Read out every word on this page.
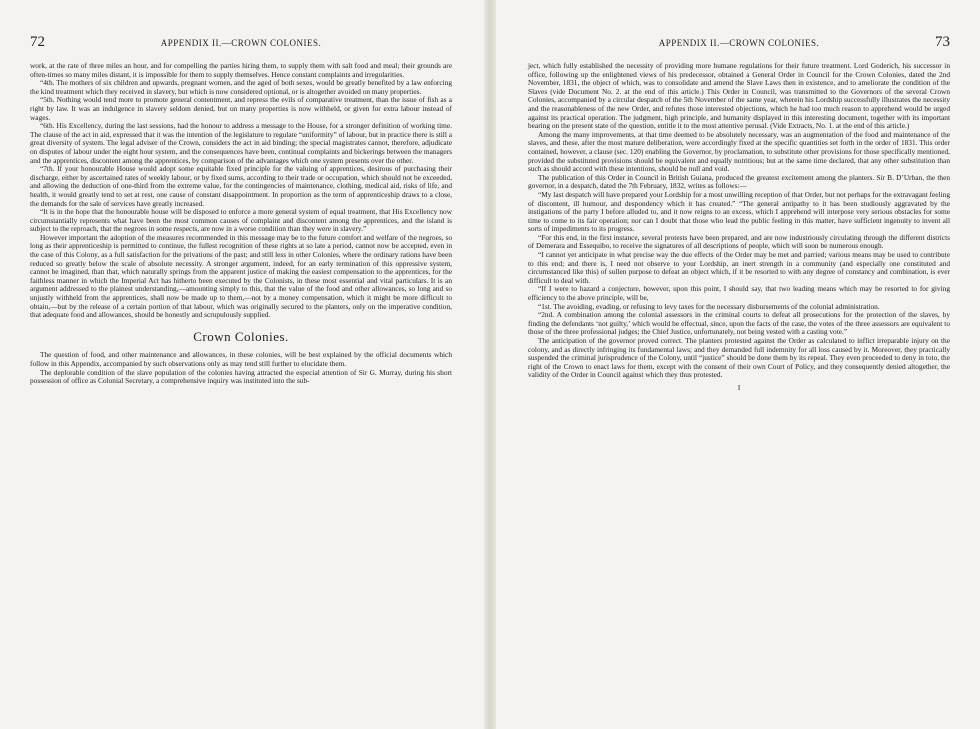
72	APPENDIX II.—CROWN COLONIES.

work, at the rate of three miles an hour, and for compelling the parties hiring them, to supply them with salt food and meal; their grounds are often-times so many miles distant, it is impossible for them to supply themselves. Hence constant complaints and irregularities.

“4th. The mothers of six children and upwards, pregnant women, and the aged of both sexes, would be greatly benefited by a law enforcing the kind treatment which they received in slavery, but which is now considered optional, or is altogether avoided on many properties.

“5th. Nothing would tend more to promote general contentment, and repress the evils of comparative treatment, than the issue of fish as a right by law. It was an indulgence in slavery seldom denied, but on many properties is now withheld, or given for extra labour instead of wages.

“6th. His Excellency, during the last sessions, had the honour to address a message to the House, for a stronger definition of working time. The clause of the act in aid, expressed that it was the intention of the legislature to regulate “uniformity” of labour, but in practice there is still a great diversity of system. The legal adviser of the Crown, considers the act in aid binding; the special magistrates cannot, therefore, adjudicate on disputes of labour under the eight hour system, and the consequences have been, continual complaints and bickerings between the managers and the apprentices, discontent among the apprentices, by comparison of the advantages which one system presents over the other.

“7th. If your honourable House would adopt some equitable fixed principle for the valuing of apprentices, desirous of purchasing their discharge, either by ascertained rates of weekly labour, or by fixed sums, according to their trade or occupation, which should not be exceeded, and allowing the deduction of one-third from the extreme value, for the contingencies of maintenance, clothing, medical aid, risks of life, and health, it would greatly tend to set at rest, one cause of constant disappointment. In proportion as the term of apprenticeship draws to a close, the demands for the sale of services have greatly increased.

“It is in the hope that the honourable house will be disposed to enforce a more general system of equal treatment, that His Excellency now circumstantially represents what have been the most common causes of complaint and discontent among the apprentices, and the island is subject to the reproach, that the negroes in some respects, are now in a worse condition than they were in slavery.”

However important the adoption of the measures recommended in this message may be to the future comfort and welfare of the negroes, so long as their apprenticeship is permitted to continue, the fullest recognition of these rights at so late a period, cannot now be accepted, even in the case of this Colony, as a full satisfaction for the privations of the past; and still less in other Colonies, where the ordinary rations have been reduced so greatly below the scale of absolute necessity. A stronger argument, indeed, for an early termination of this oppressive system, cannot be imagined, than that, which naturally springs from the apparent justice of making the easiest compensation to the apprentices, for the faithless manner in which the Imperial Act has hitherto been executed by the Colonists, in these most essential and vital particulars. It is an argument addressed to the plainest understanding,—amounting simply to this, that the value of the food and other allowances, so long and so unjustly withheld from the apprentices, shall now be made up to them,—not by a money compensation, which it might be more difficult to obtain,—but by the release of a certain portion of that labour, which was originally secured to the planters, only on the imperative condition, that adequate food and allowances, should be honestly and scrupulously supplied.

Crown Colonies.

The question of food, and other maintenance and allowances, in these colonies, will be best explained by the official documents which follow in this Appendix, accompanied by such observations only as may tend still further to elucidate them.

The deplorable condition of the slave population of the colonies having attracted the especial attention of Sir G. Murray, during his short possession of office as Colonial Secretary, a comprehensive inquiry was instituted into the sub-

APPENDIX II.—CROWN COLONIES.	73

ject, which fully established the necessity of providing more humane regulations for their future treatment. Lord Goderich, his successor in office, following up the enlightened views of his predecessor, obtained a General Order in Council for the Crown Colonies, dated the 2nd November, 1831, the object of which, was to consolidate and amend the Slave Laws then in existence, and to ameliorate the condition of the Slaves (vide Document No. 2. at the end of this article.) This Order in Council, was transmitted to the Governors of the several Crown Colonies, accompanied by a circular despatch of the 5th November of the same year, wherein his Lordship successfully illustrates the necessity and the reasonableness of the new Order, and refutes those interested objections, which he had too much reason to apprehend would be urged against its practical operation. The judgment, high principle, and humanity displayed in this interesting document, together with its important bearing on the present state of the question, entitle it to the most attentive perusal. (Vide Extracts, No. 1. at the end of this article.)

Among the many improvements, at that time deemed to be absolutely necessary, was an augmentation of the food and maintenance of the slaves, and these, after the most mature deliberation, were accordingly fixed at the specific quantities set forth in the order of 1831. This order contained, however, a clause (sec. 120) enabling the Governor, by proclamation, to substitute other provisions for those specifically mentioned, provided the substituted provisions should be equivalent and equally nutritious; but at the same time declared, that any other substitution than such as should accord with these intentions, should be null and void.

The publication of this Order in Council in British Guiana, produced the greatest excitement among the planters. Sir B. D’Urban, the then governor, in a despatch, dated the 7th February, 1832, writes as follows:—

“My last despatch will have prepared your Lordship for a most unwilling reception of that Order, but not perhaps for the extravagant feeling of discontent, ill humour, and despondency which it has created.” “The general antipathy to it has been studiously aggravated by the instigations of the party I before alluded to, and it now reigns to an excess, which I apprehend will interpose very serious obstacles for some time to come to its fair operation; nor can I doubt that those who lead the public feeling in this matter, have sufficient ingenuity to invent all sorts of impediments to its progress.

“For this end, in the first instance, several protests have been prepared, and are now industriously circulating through the different districts of Demerara and Essequibo, to receive the signatures of all descriptions of people, which will soon be numerous enough.

“I cannot yet anticipate in what precise way the due effects of the Order may be met and parried; various means may be used to contribute to this end; and there is, I need not observe to your Lordship, an inert strength in a community (and especially one constituted and circumstanced like this) of sullen purpose to defeat an object which, if it be resorted to with any degree of constancy and combination, is ever difficult to deal with.

“If I were to hazard a conjecture, however, upon this point, I should say, that two leading means which may be resorted to for giving efficiency to the above principle, will be,

“1st. The avoiding, evading, or refusing to levy taxes for the necessary disbursements of the colonial administration.

“2nd. A combination among the colonial assessors in the criminal courts to defeat all prosecutions for the protection of the slaves, by finding the defendants ‘not guilty,’ which would be effectual, since, upon the facts of the case, the votes of the three assessors are equivalent to those of the three professional judges; the Chief Justice, unfortunately, not being vested with a casting vote.”

The anticipation of the governor proved correct. The planters protested against the Order as calculated to inflict irreparable injury on the colony, and as directly infringing its fundamental laws; and they demanded full indemnity for all loss caused by it. Moreover, they practically suspended the criminal jurisprudence of the Colony, until “justice” should be done them by its repeal. They even proceeded to deny in toto, the right of the Crown to enact laws for them, except with the consent of their own Court of Policy, and they consequently denied altogether, the validity of the Order in Council against which they thus protested.

I
